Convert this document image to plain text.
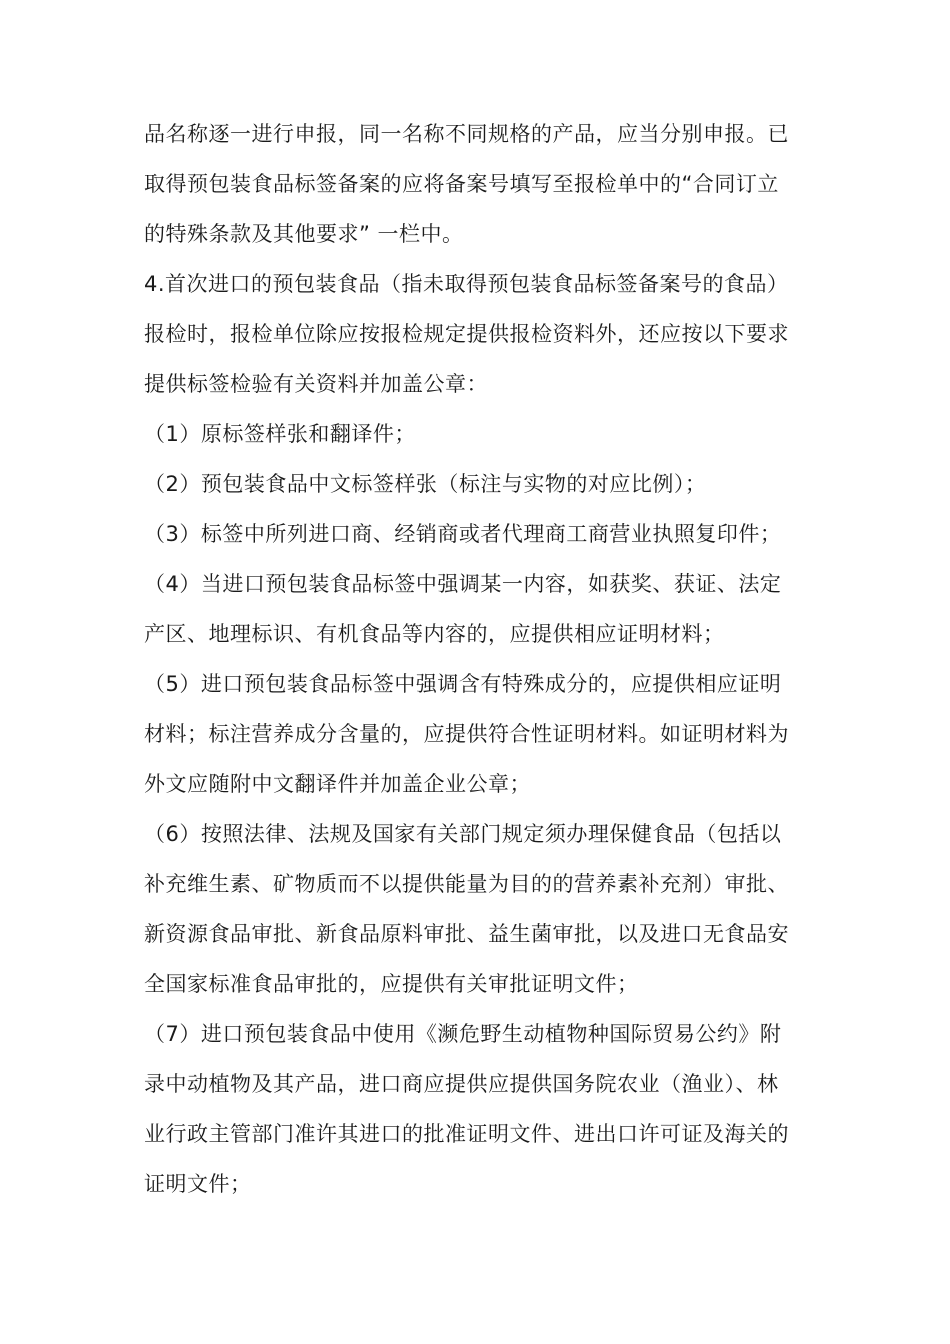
品名称逐一进行申报，同一名称不同规格的产品，应当分别申报。已
取得预包装食品标签备案的应将备案号填写至报检单中的“合同订立
的特殊条款及其他要求” 一栏中。
4.首次进口的预包装食品（指未取得预包装食品标签备案号的食品）
报检时，报检单位除应按报检规定提供报检资料外，还应按以下要求
提供标签检验有关资料并加盖公章：
（1）原标签样张和翻译件；
（2）预包装食品中文标签样张（标注与实物的对应比例）；
（3）标签中所列进口商、经销商或者代理商工商营业执照复印件；
（4）当进口预包装食品标签中强调某一内容，如获奖、获证、法定
产区、地理标识、有机食品等内容的，应提供相应证明材料；
（5）进口预包装食品标签中强调含有特殊成分的，应提供相应证明
材料；标注营养成分含量的，应提供符合性证明材料。如证明材料为
外文应随附中文翻译件并加盖企业公章；
（6）按照法律、法规及国家有关部门规定须办理保健食品（包括以
补充维生素、矿物质而不以提供能量为目的的营养素补充剂）审批、
新资源食品审批、新食品原料审批、益生菌审批，以及进口无食品安
全国家标准食品审批的，应提供有关审批证明文件；
（7）进口预包装食品中使用《濒危野生动植物种国际贸易公约》附
录中动植物及其产品，进口商应提供应提供国务院农业（渔业）、林
业行政主管部门准许其进口的批准证明文件、进出口许可证及海关的
证明文件；
